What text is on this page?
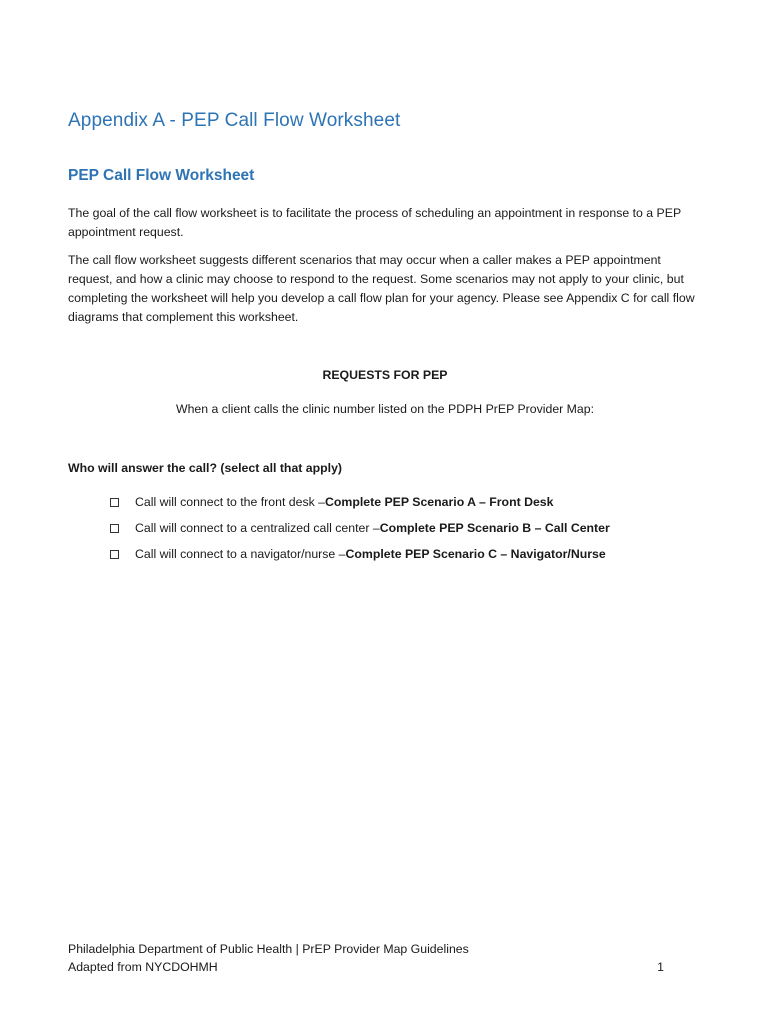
Appendix A - PEP Call Flow Worksheet
PEP Call Flow Worksheet

The goal of the call flow worksheet is to facilitate the process of scheduling an appointment in response to a PEP appointment request.

The call flow worksheet suggests different scenarios that may occur when a caller makes a PEP appointment request, and how a clinic may choose to respond to the request. Some scenarios may not apply to your clinic, but completing the worksheet will help you develop a call flow plan for your agency. Please see Appendix C for call flow diagrams that complement this worksheet.

REQUESTS FOR PEP

When a client calls the clinic number listed on the PDPH PrEP Provider Map:

Who will answer the call? (select all that apply)

Call will connect to the front desk – Complete PEP Scenario A – Front Desk
Call will connect to a centralized call center – Complete PEP Scenario B – Call Center
Call will connect to a navigator/nurse – Complete PEP Scenario C – Navigator/Nurse

Philadelphia Department of Public Health | PrEP Provider Map Guidelines

Adapted from NYCDOHMH	1
